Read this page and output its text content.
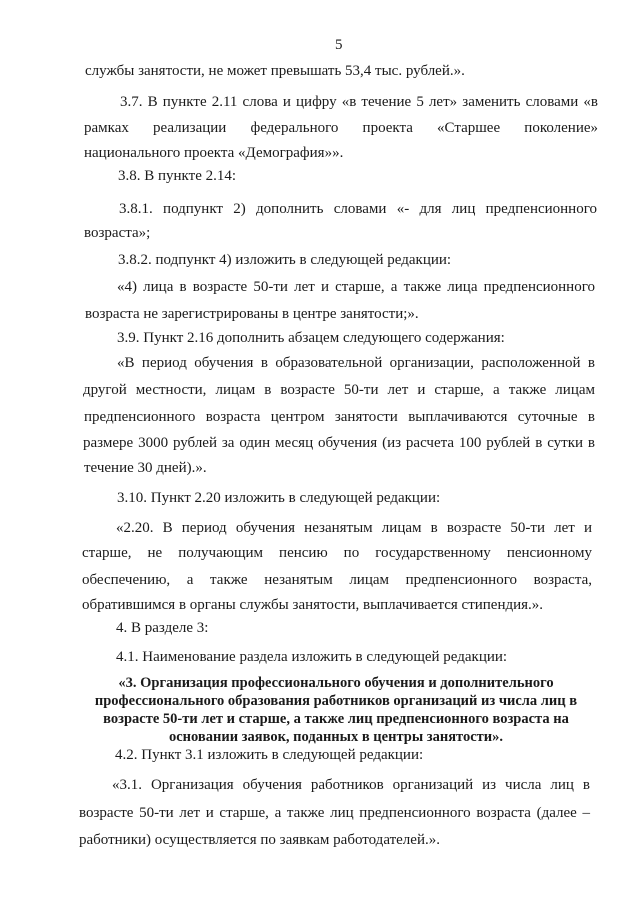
5
службы занятости, не может превышать 53,4 тыс. рублей.».
3.7. В пункте 2.11 слова и цифру «в течение 5 лет» заменить словами «в
рамках реализации федерального проекта «Старшее поколение»
национального проекта «Демография»».
3.8. В пункте 2.14:
3.8.1. подпункт 2) дополнить словами «- для лиц предпенсионного
возраста»;
3.8.2. подпункт 4) изложить в следующей редакции:
«4) лица в возрасте 50-ти лет и старше, а также лица предпенсионного
возраста не зарегистрированы в центре занятости;».
3.9. Пункт 2.16 дополнить абзацем следующего содержания:
«В период обучения в образовательной организации, расположенной в
другой местности, лицам в возрасте 50-ти лет и старше, а также лицам
предпенсионного возраста центром занятости выплачиваются суточные в
размере 3000 рублей за один месяц обучения (из расчета 100 рублей в сутки в
течение 30 дней).».
3.10. Пункт 2.20 изложить в следующей редакции:
«2.20. В период обучения незанятым лицам в возрасте 50-ти лет и
старше, не получающим пенсию по государственному пенсионному
обеспечению, а также незанятым лицам предпенсионного возраста,
обратившимся в органы службы занятости, выплачивается стипендия.».
4. В разделе 3:
4.1. Наименование раздела изложить в следующей редакции:
«3. Организация профессионального обучения и дополнительного
профессионального образования работников организаций из числа лиц в
возрасте 50-ти лет и старше, а также лиц предпенсионного возраста на
основании заявок, поданных в центры занятости».
4.2. Пункт 3.1 изложить в следующей редакции:
«3.1. Организация обучения работников организаций из числа лиц в
возрасте 50-ти лет и старше, а также лиц предпенсионного возраста (далее –
работники) осуществляется по заявкам работодателей.».
